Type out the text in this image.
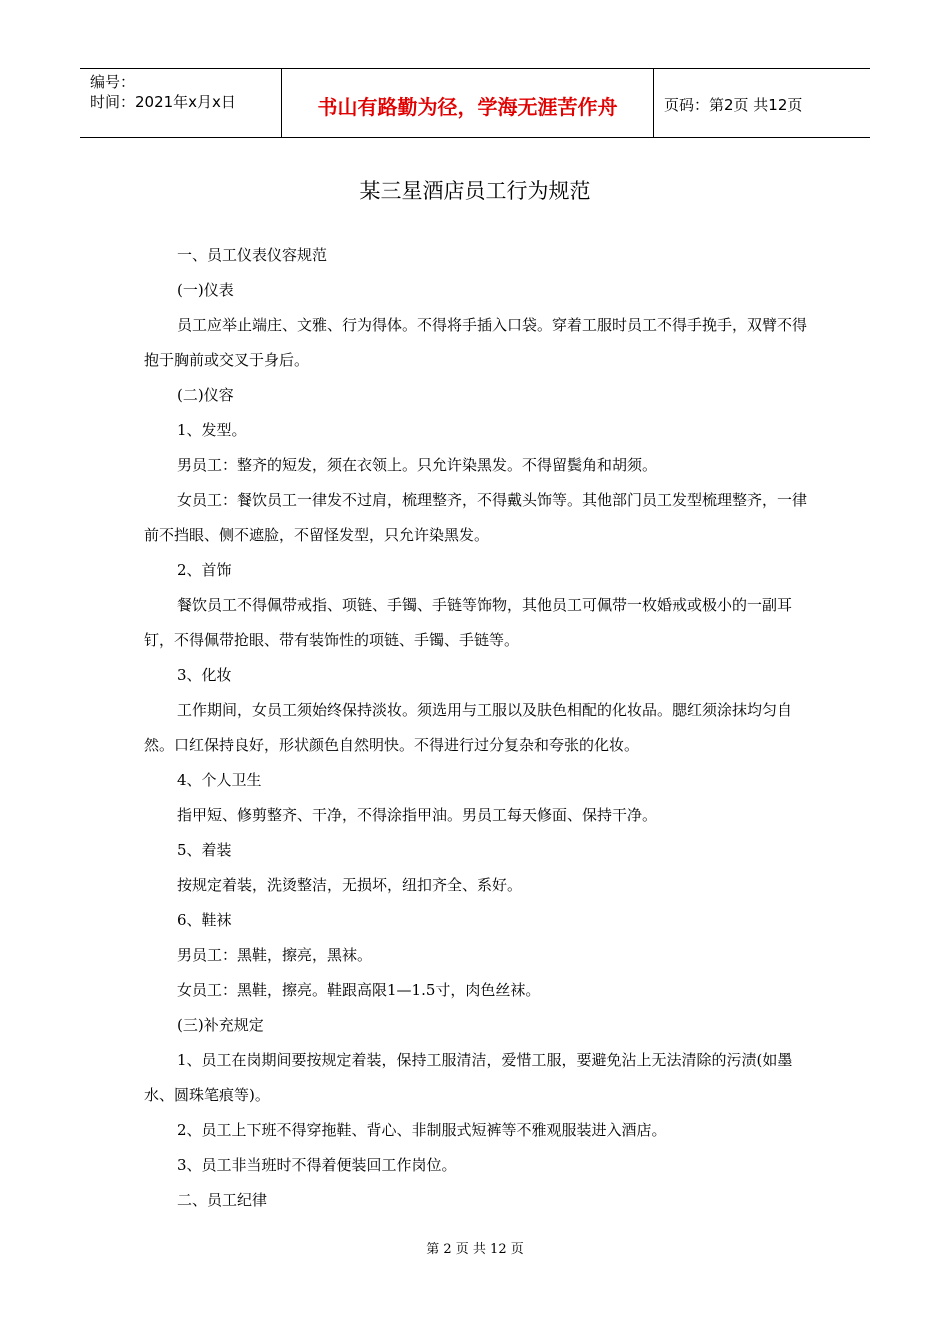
编号：
时间：2021年x月x日	书山有路勤为径，学海无涯苦作舟	页码：第2页 共12页
某三星酒店员工行为规范

一、员工仪表仪容规范

(一)仪表

员工应举止端庄、文雅、行为得体。不得将手插入口袋。穿着工服时员工不得手挽手，双臂不得抱于胸前或交叉于身后。

(二)仪容

1、发型。

男员工：整齐的短发，须在衣领上。只允许染黑发。不得留鬓角和胡须。

女员工：餐饮员工一律发不过肩，梳理整齐，不得戴头饰等。其他部门员工发型梳理整齐，一律前不挡眼、侧不遮脸，不留怪发型，只允许染黑发。

2、首饰

餐饮员工不得佩带戒指、项链、手镯、手链等饰物，其他员工可佩带一枚婚戒或极小的一副耳钉，不得佩带抢眼、带有装饰性的项链、手镯、手链等。

3、化妆

工作期间，女员工须始终保持淡妆。须选用与工服以及肤色相配的化妆品。腮红须涂抹均匀自然。口红保持良好，形状颜色自然明快。不得进行过分复杂和夸张的化妆。

4、个人卫生

指甲短、修剪整齐、干净，不得涂指甲油。男员工每天修面、保持干净。

5、着装

按规定着装，洗烫整洁，无损坏，纽扣齐全、系好。

6、鞋袜

男员工：黑鞋，擦亮，黑袜。

女员工：黑鞋，擦亮。鞋跟高限1—1.5寸，肉色丝袜。

(三)补充规定

1、员工在岗期间要按规定着装，保持工服清洁，爱惜工服，要避免沾上无法清除的污渍(如墨水、圆珠笔痕等)。

2、员工上下班不得穿拖鞋、背心、非制服式短裤等不雅观服装进入酒店。

3、员工非当班时不得着便装回工作岗位。

二、员工纪律

第 2 页 共 12 页
